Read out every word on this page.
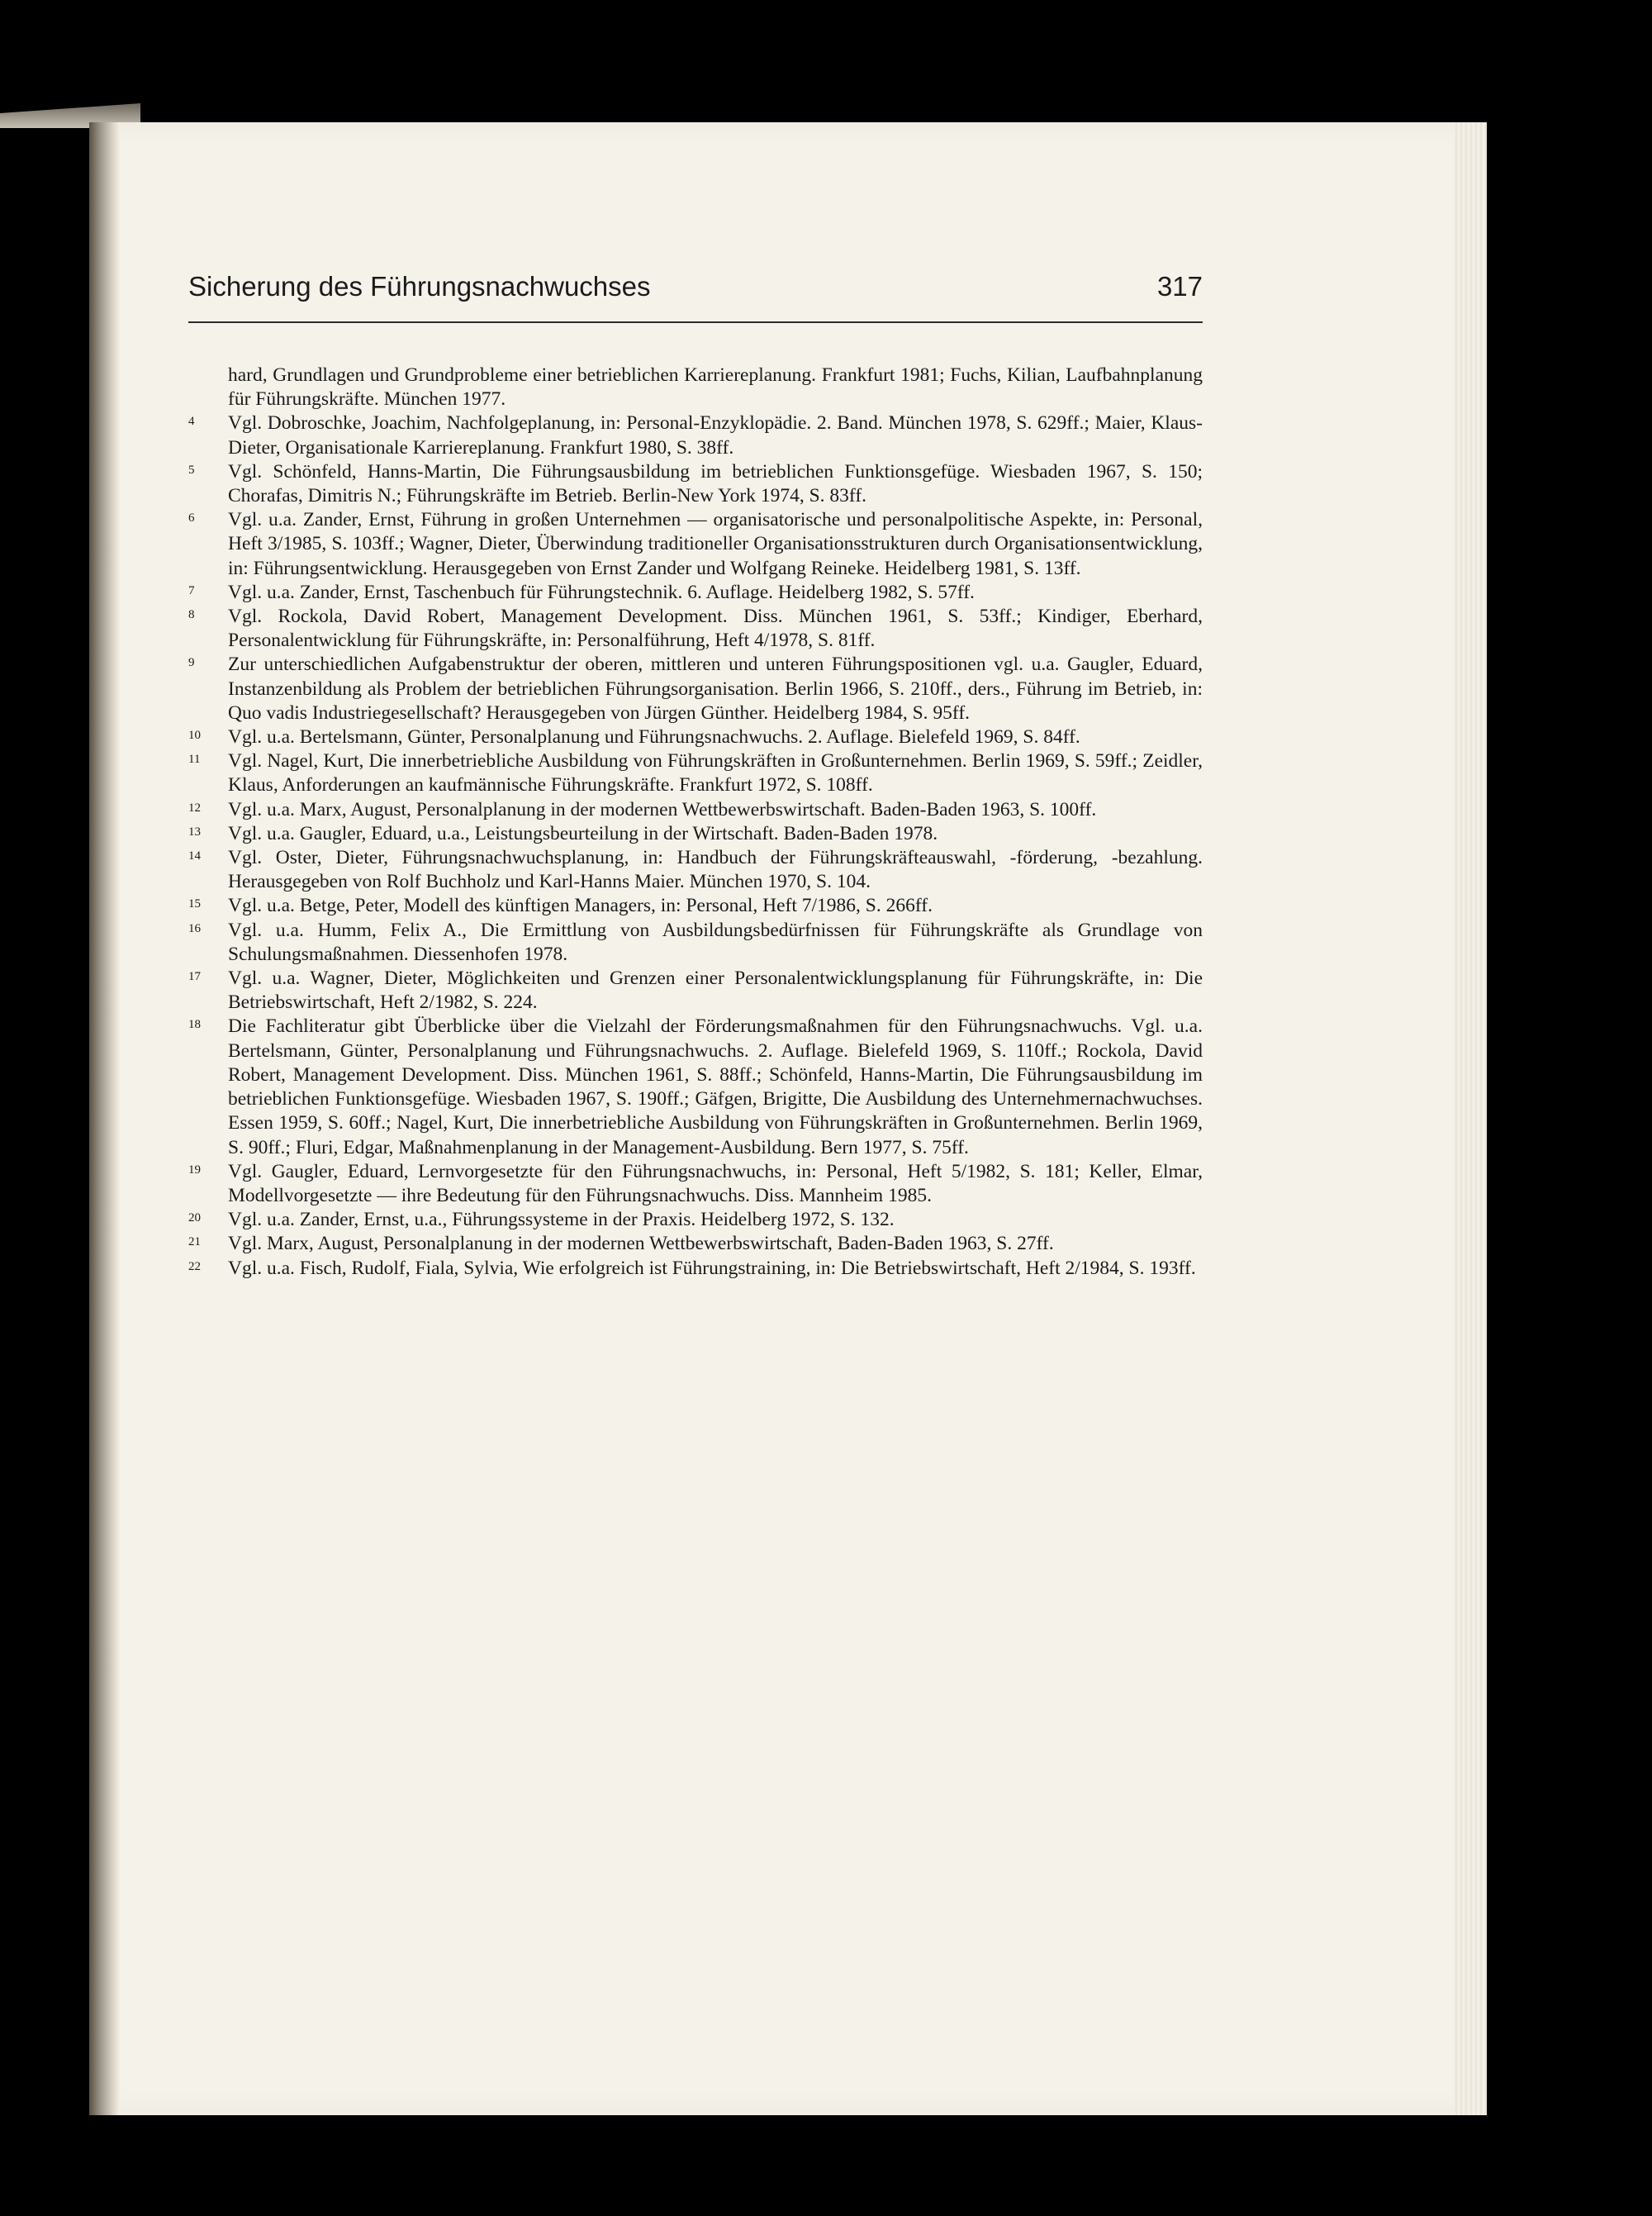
Sicherung des Führungsnachwuchses	317
hard, Grundlagen und Grundprobleme einer betrieblichen Karriereplanung. Frankfurt 1981; Fuchs, Kilian, Laufbahnplanung für Führungskräfte. München 1977.
4	Vgl. Dobroschke, Joachim, Nachfolgeplanung, in: Personal-Enzyklopädie. 2. Band. München 1978, S. 629ff.; Maier, Klaus-Dieter, Organisationale Karriereplanung. Frankfurt 1980, S. 38ff.
5	Vgl. Schönfeld, Hanns-Martin, Die Führungsausbildung im betrieblichen Funktionsgefüge. Wiesbaden 1967, S. 150; Chorafas, Dimitris N.; Führungskräfte im Betrieb. Berlin-New York 1974, S. 83ff.
6	Vgl. u.a. Zander, Ernst, Führung in großen Unternehmen — organisatorische und personalpolitische Aspekte, in: Personal, Heft 3/1985, S. 103ff.; Wagner, Dieter, Überwindung traditioneller Organisationsstrukturen durch Organisationsentwicklung, in: Führungsentwicklung. Herausgegeben von Ernst Zander und Wolfgang Reineke. Heidelberg 1981, S. 13ff.
7	Vgl. u.a. Zander, Ernst, Taschenbuch für Führungstechnik. 6. Auflage. Heidelberg 1982, S. 57ff.
8	Vgl. Rockola, David Robert, Management Development. Diss. München 1961, S. 53ff.; Kindiger, Eberhard, Personalentwicklung für Führungskräfte, in: Personalführung, Heft 4/1978, S. 81ff.
9	Zur unterschiedlichen Aufgabenstruktur der oberen, mittleren und unteren Führungspositionen vgl. u.a. Gaugler, Eduard, Instanzenbildung als Problem der betrieblichen Führungsorganisation. Berlin 1966, S. 210ff., ders., Führung im Betrieb, in: Quo vadis Industriegesellschaft? Herausgegeben von Jürgen Günther. Heidelberg 1984, S. 95ff.
10	Vgl. u.a. Bertelsmann, Günter, Personalplanung und Führungsnachwuchs. 2. Auflage. Bielefeld 1969, S. 84ff.
11	Vgl. Nagel, Kurt, Die innerbetriebliche Ausbildung von Führungskräften in Großunternehmen. Berlin 1969, S. 59ff.; Zeidler, Klaus, Anforderungen an kaufmännische Führungskräfte. Frankfurt 1972, S. 108ff.
12	Vgl. u.a. Marx, August, Personalplanung in der modernen Wettbewerbswirtschaft. Baden-Baden 1963, S. 100ff.
13	Vgl. u.a. Gaugler, Eduard, u.a., Leistungsbeurteilung in der Wirtschaft. Baden-Baden 1978.
14	Vgl. Oster, Dieter, Führungsnachwuchsplanung, in: Handbuch der Führungskräfteauswahl, -förderung, -bezahlung. Herausgegeben von Rolf Buchholz und Karl-Hanns Maier. München 1970, S. 104.
15	Vgl. u.a. Betge, Peter, Modell des künftigen Managers, in: Personal, Heft 7/1986, S. 266ff.
16	Vgl. u.a. Humm, Felix A., Die Ermittlung von Ausbildungsbedürfnissen für Führungskräfte als Grundlage von Schulungsmaßnahmen. Diessenhofen 1978.
17	Vgl. u.a. Wagner, Dieter, Möglichkeiten und Grenzen einer Personalentwicklungsplanung für Führungskräfte, in: Die Betriebswirtschaft, Heft 2/1982, S. 224.
18	Die Fachliteratur gibt Überblicke über die Vielzahl der Förderungsmaßnahmen für den Führungsnachwuchs. Vgl. u.a. Bertelsmann, Günter, Personalplanung und Führungsnachwuchs. 2. Auflage. Bielefeld 1969, S. 110ff.; Rockola, David Robert, Management Development. Diss. München 1961, S. 88ff.; Schönfeld, Hanns-Martin, Die Führungsausbildung im betrieblichen Funktionsgefüge. Wiesbaden 1967, S. 190ff.; Gäfgen, Brigitte, Die Ausbildung des Unternehmernachwuchses. Essen 1959, S. 60ff.; Nagel, Kurt, Die innerbetriebliche Ausbildung von Führungskräften in Großunternehmen. Berlin 1969, S. 90ff.; Fluri, Edgar, Maßnahmenplanung in der Management-Ausbildung. Bern 1977, S. 75ff.
19	Vgl. Gaugler, Eduard, Lernvorgesetzte für den Führungsnachwuchs, in: Personal, Heft 5/1982, S. 181; Keller, Elmar, Modellvorgesetzte — ihre Bedeutung für den Führungsnachwuchs. Diss. Mannheim 1985.
20	Vgl. u.a. Zander, Ernst, u.a., Führungssysteme in der Praxis. Heidelberg 1972, S. 132.
21	Vgl. Marx, August, Personalplanung in der modernen Wettbewerbswirtschaft, Baden-Baden 1963, S. 27ff.
22	Vgl. u.a. Fisch, Rudolf, Fiala, Sylvia, Wie erfolgreich ist Führungstraining, in: Die Betriebswirtschaft, Heft 2/1984, S. 193ff.
